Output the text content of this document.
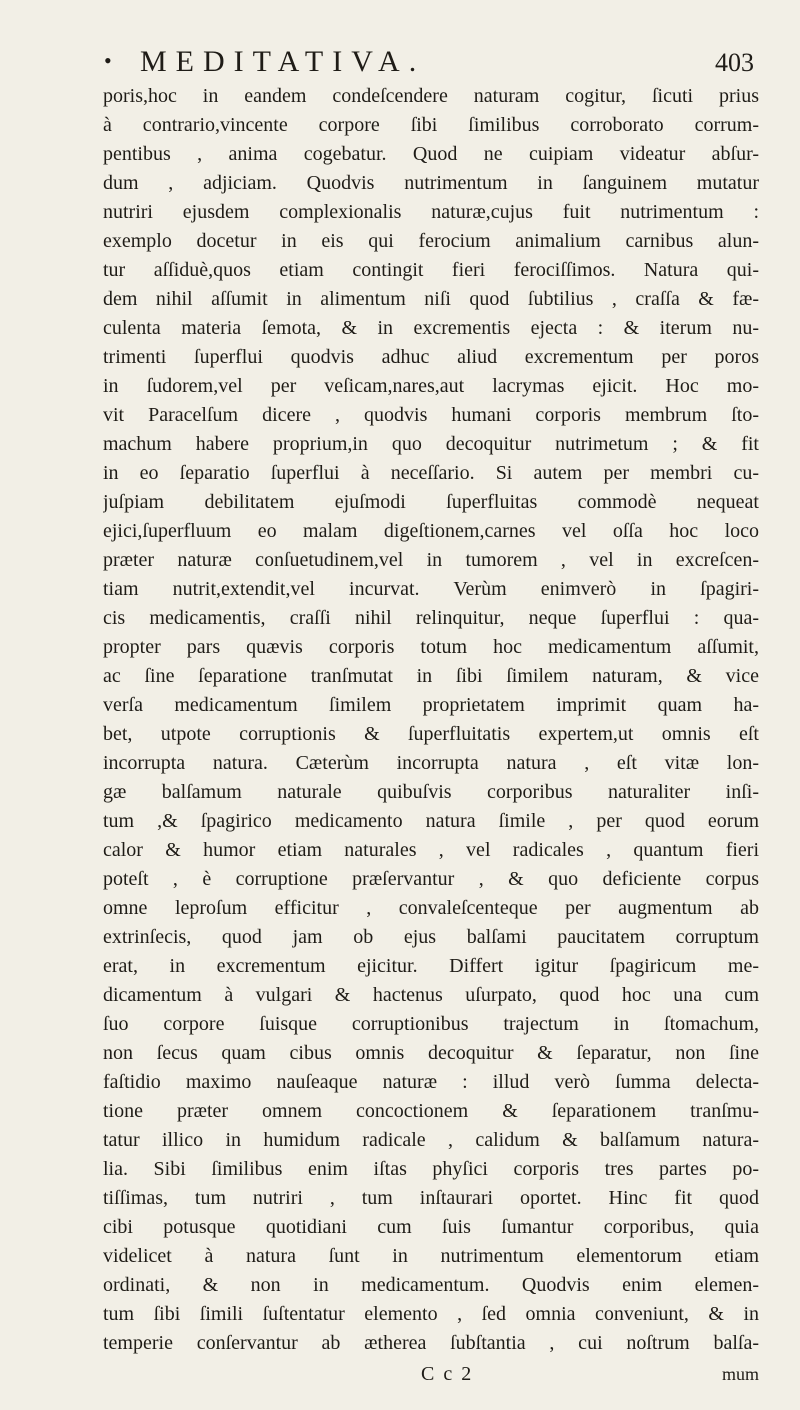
• MEDITATIVA.	403
poris,hoc in eandem condeſcendere naturam cogitur, ſicuti prius
à contrario,vincente corpore ſibi ſimilibus corroborato corrum-
pentibus , anima cogebatur. Quod ne cuipiam videatur abſur-
dum , adjiciam. Quodvis nutrimentum in ſanguinem mutatur
nutriri ejusdem complexionalis naturæ,cujus fuit nutrimentum :
exemplo docetur in eis qui ferocium animalium carnibus alun-
tur aſſiduè,quos etiam contingit fieri ferociſſimos. Natura qui-
dem nihil aſſumit in alimentum niſi quod ſubtilius , craſſa & fæ-
culenta materia ſemota, & in excrementis ejecta : & iterum nu-
trimenti ſuperflui quodvis adhuc aliud excrementum per poros
in ſudorem,vel per veſicam,nares,aut lacrymas ejicit. Hoc mo-
vit Paracelſum dicere , quodvis humani corporis membrum ſto-
machum habere proprium,in quo decoquitur nutrimetum ; & fit
in eo ſeparatio ſuperflui à neceſſario. Si autem per membri cu-
juſpiam debilitatem ejuſmodi ſuperfluitas commodè nequeat
ejici,ſuperfluum eo malam digeſtionem,carnes vel oſſa hoc loco
præter naturæ conſuetudinem,vel in tumorem , vel in excreſcen-
tiam nutrit,extendit,vel incurvat. Verùm enimverò in ſpagiri-
cis medicamentis, craſſi nihil relinquitur, neque ſuperflui : qua-
propter pars quævis corporis totum hoc medicamentum aſſumit,
ac ſine ſeparatione tranſmutat in ſibi ſimilem naturam, & vice
verſa medicamentum ſimilem proprietatem imprimit quam ha-
bet, utpote corruptionis & ſuperfluitatis expertem,ut omnis eſt
incorrupta natura. Cæterùm incorrupta natura , eſt vitæ lon-
gæ balſamum naturale quibuſvis corporibus naturaliter inſi-
tum ,& ſpagirico medicamento natura ſimile , per quod eorum
calor & humor etiam naturales , vel radicales , quantum fieri
poteſt , è corruptione præſervantur , & quo deficiente corpus
omne leproſum efficitur , convaleſcenteque per augmentum ab
extrinſecis, quod jam ob ejus balſami paucitatem corruptum
erat, in excrementum ejicitur. Differt igitur ſpagiricum me-
dicamentum à vulgari & hactenus uſurpato, quod hoc una cum
ſuo corpore ſuisque corruptionibus trajectum in ſtomachum,
non ſecus quam cibus omnis decoquitur & ſeparatur, non ſine
faſtidio maximo nauſeaque naturæ : illud verò ſumma delecta-
tione præter omnem concoctionem & ſeparationem tranſmu-
tatur illico in humidum radicale , calidum & balſamum natura-
lia. Sibi ſimilibus enim iſtas phyſici corporis tres partes po-
tiſſimas, tum nutriri , tum inſtaurari oportet. Hinc fit quod
cibi potusque quotidiani cum ſuis ſumantur corporibus, quia
videlicet à natura ſunt in nutrimentum elementorum etiam
ordinati, & non in medicamentum. Quodvis enim elemen-
tum ſibi ſimili ſuſtentatur elemento , ſed omnia conveniunt, & in
temperie conſervantur ab ætherea ſubſtantia , cui noſtrum balſa-
C c 2	mum
